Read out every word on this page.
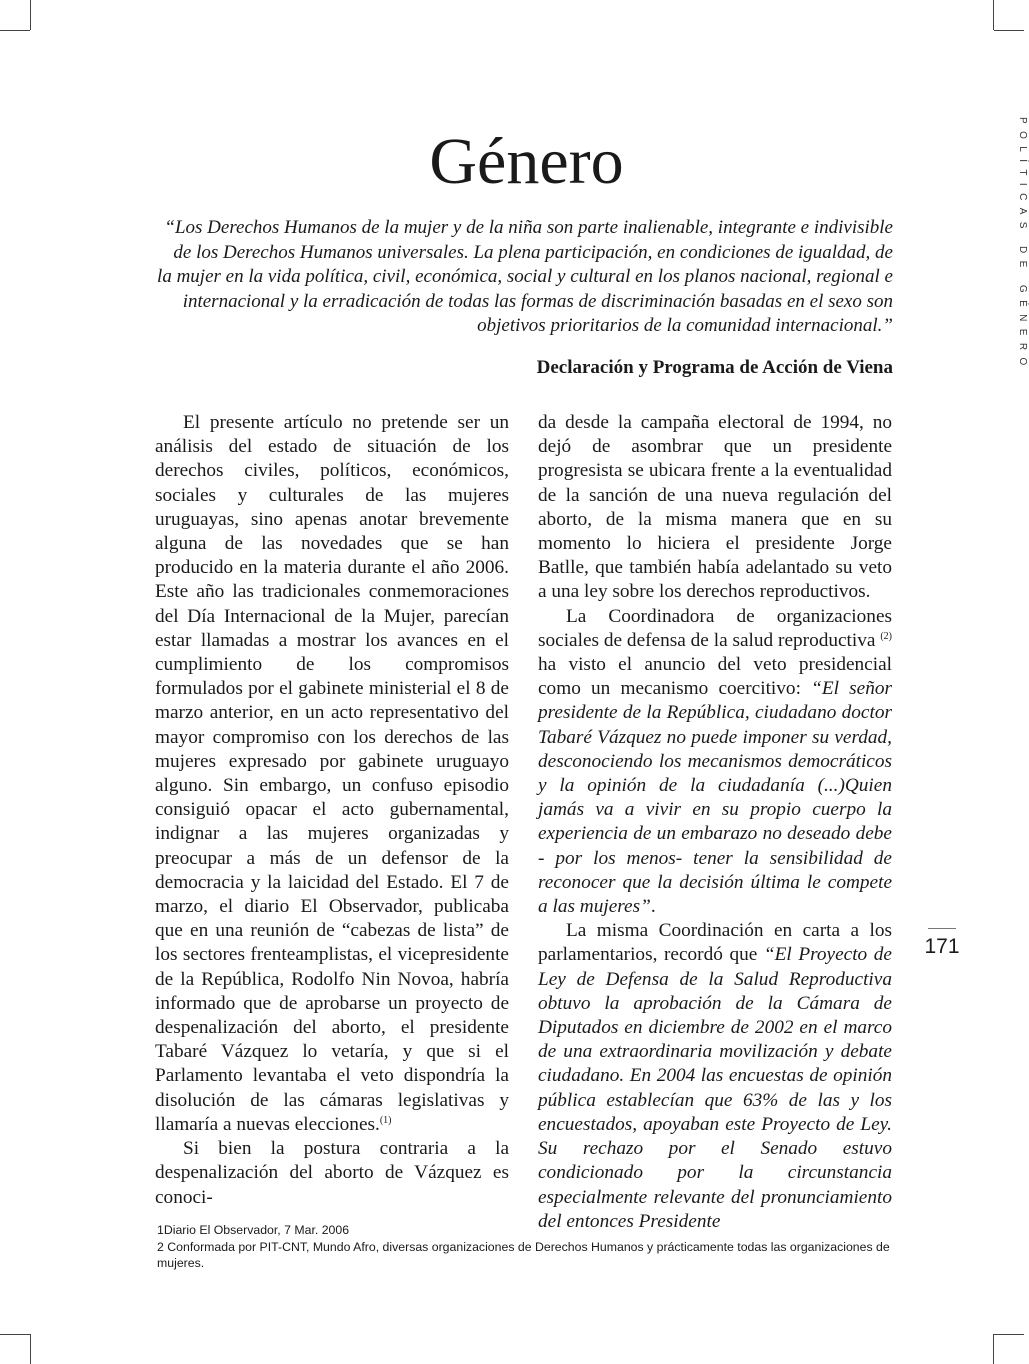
Género

“Los Derechos Humanos de la mujer y de la niña son parte inalienable, integrante e indivisible de los Derechos Humanos universales. La plena participación, en condiciones de igualdad, de la mujer en la vida política, civil, económica, social y cultural en los planos nacional, regional e internacional y la erradicación de todas las formas de discriminación basadas en el sexo son objetivos prioritarios de la comunidad internacional.”

Declaración y Programa de Acción de Viena	POLÍTICAS DE GÉNERO
171

El presente artículo no pretende ser un análisis del estado de situación de los derechos civiles, políticos, económicos, sociales y culturales de las mujeres uruguayas, sino apenas anotar brevemente alguna de las novedades que se han producido en la materia durante el año 2006. Este año las tradicionales conmemoraciones del Día Internacional de la Mujer, parecían estar llamadas a mostrar los avances en el cumplimiento de los compromisos formulados por el gabinete ministerial el 8 de marzo anterior, en un acto representativo del mayor compromiso con los derechos de las mujeres expresado por gabinete uruguayo alguno. Sin embargo, un confuso episodio consiguió opacar el acto gubernamental, indignar a las mujeres organizadas y preocupar a más de un defensor de la democracia y la laicidad del Estado. El 7 de marzo, el diario El Observador, publicaba que en una reunión de “cabezas de lista” de los sectores frenteamplistas, el vicepresidente de la República, Rodolfo Nin Novoa, habría informado que de aprobarse un proyecto de despenalización del aborto, el presidente Tabaré Vázquez lo vetaría, y que si el Parlamento levantaba el veto dispondría la disolución de las cámaras legislativas y llamaría a nuevas elecciones.$^{(1)}$

Si bien la postura contraria a la despenalización del aborto de Vázquez es conoci-

da desde la campaña electoral de 1994, no dejó de asombrar que un presidente progresista se ubicara frente a la eventualidad de la sanción de una nueva regulación del aborto, de la misma manera que en su momento lo hiciera el presidente Jorge Batlle, que también había adelantado su veto a una ley sobre los derechos reproductivos.

La Coordinadora de organizaciones sociales de defensa de la salud reproductiva $^{(2)}$ ha visto el anuncio del veto presidencial como un mecanismo coercitivo: “El señor presidente de la República, ciudadano doctor Tabaré Vázquez no puede imponer su verdad, desconociendo los mecanismos democráticos y la opinión de la ciudadanía (...)Quien jamás va a vivir en su propio cuerpo la experiencia de un embarazo no deseado debe - por los menos- tener la sensibilidad de reconocer que la decisión última le compete a las mujeres”.

La misma Coordinación en carta a los parlamentarios, recordó que “El Proyecto de Ley de Defensa de la Salud Reproductiva obtuvo la aprobación de la Cámara de Diputados en diciembre de 2002 en el marco de una extraordinaria movilización y debate ciudadano. En 2004 las encuestas de opinión pública establecían que 63% de las y los encuestados, apoyaban este Proyecto de Ley. Su rechazo por el Senado estuvo condicionado por la circunstancia especialmente relevante del pronunciamiento del entonces Presidente

1Diario El Observador, 7 Mar. 2006

2 Conformada por PIT-CNT, Mundo Afro, diversas organizaciones de Derechos Humanos y prácticamente todas las organizaciones de mujeres.
